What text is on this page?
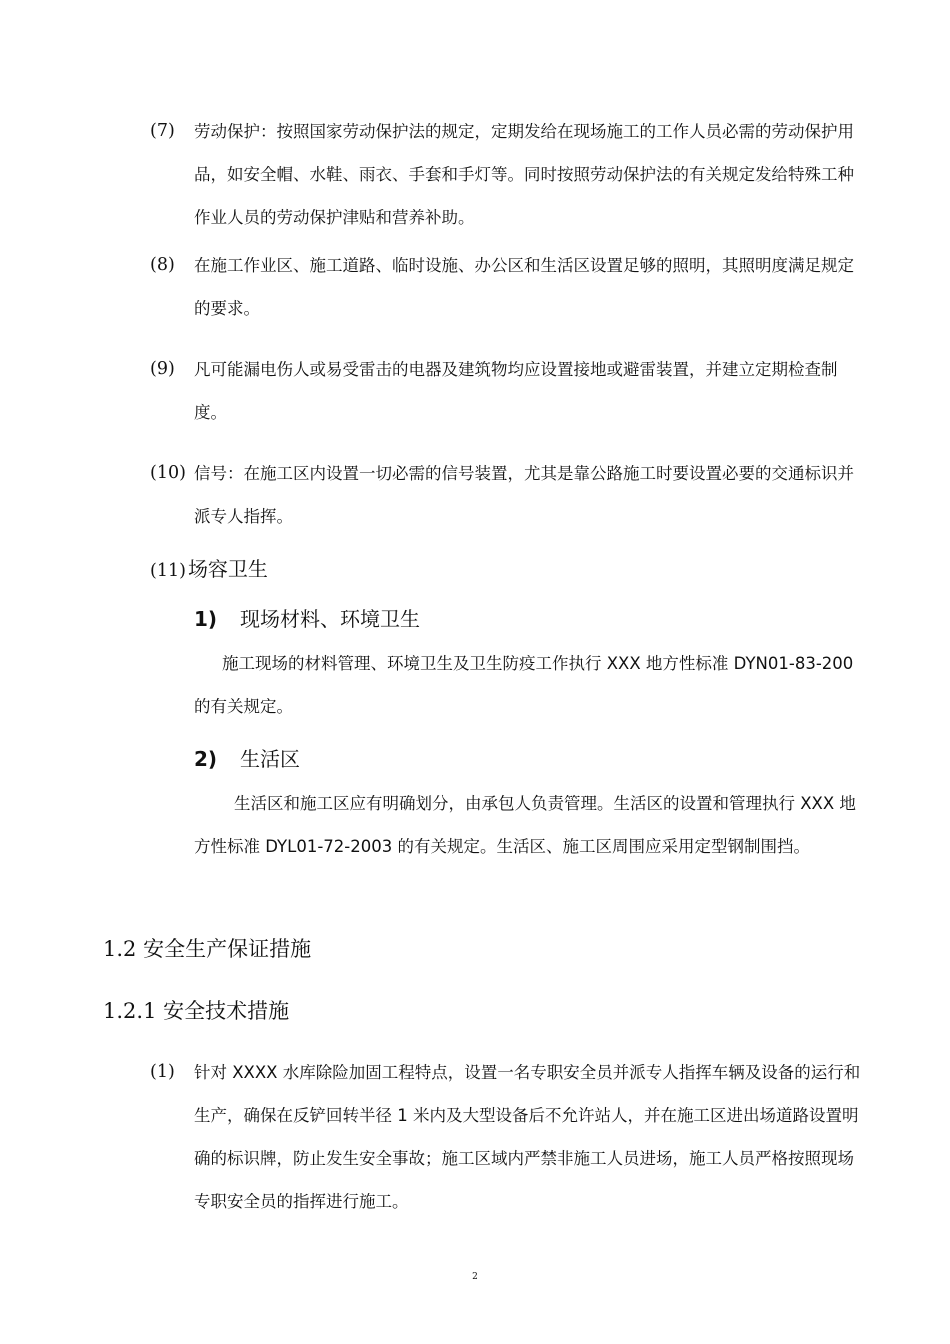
(7) 劳动保护：按照国家劳动保护法的规定，定期发给在现场施工的工作人员必需的劳动保护用品，如安全帽、水鞋、雨衣、手套和手灯等。同时按照劳动保护法的有关规定发给特殊工种作业人员的劳动保护津贴和营养补助。
(8) 在施工作业区、施工道路、临时设施、办公区和生活区设置足够的照明，其照明度满足规定的要求。
(9) 凡可能漏电伤人或易受雷击的电器及建筑物均应设置接地或避雷装置，并建立定期检查制度。
(10) 信号：在施工区内设置一切必需的信号装置，尤其是靠公路施工时要设置必要的交通标识并派专人指挥。
(11) 场容卫生
1) 现场材料、环境卫生
施工现场的材料管理、环境卫生及卫生防疫工作执行 XXX 地方性标准 DYN01-83-200 的有关规定。
2) 生活区
生活区和施工区应有明确划分，由承包人负责管理。生活区的设置和管理执行 XXX 地方性标准 DYL01-72-2003 的有关规定。生活区、施工区周围应采用定型钢制围挡。
1.2 安全生产保证措施
1.2.1 安全技术措施
(1) 针对 XXXX 水库除险加固工程特点，设置一名专职安全员并派专人指挥车辆及设备的运行和生产，确保在反铲回转半径 1 米内及大型设备后不允许站人，并在施工区进出场道路设置明确的标识牌，防止发生安全事故；施工区域内严禁非施工人员进场，施工人员严格按照现场专职安全员的指挥进行施工。
2
